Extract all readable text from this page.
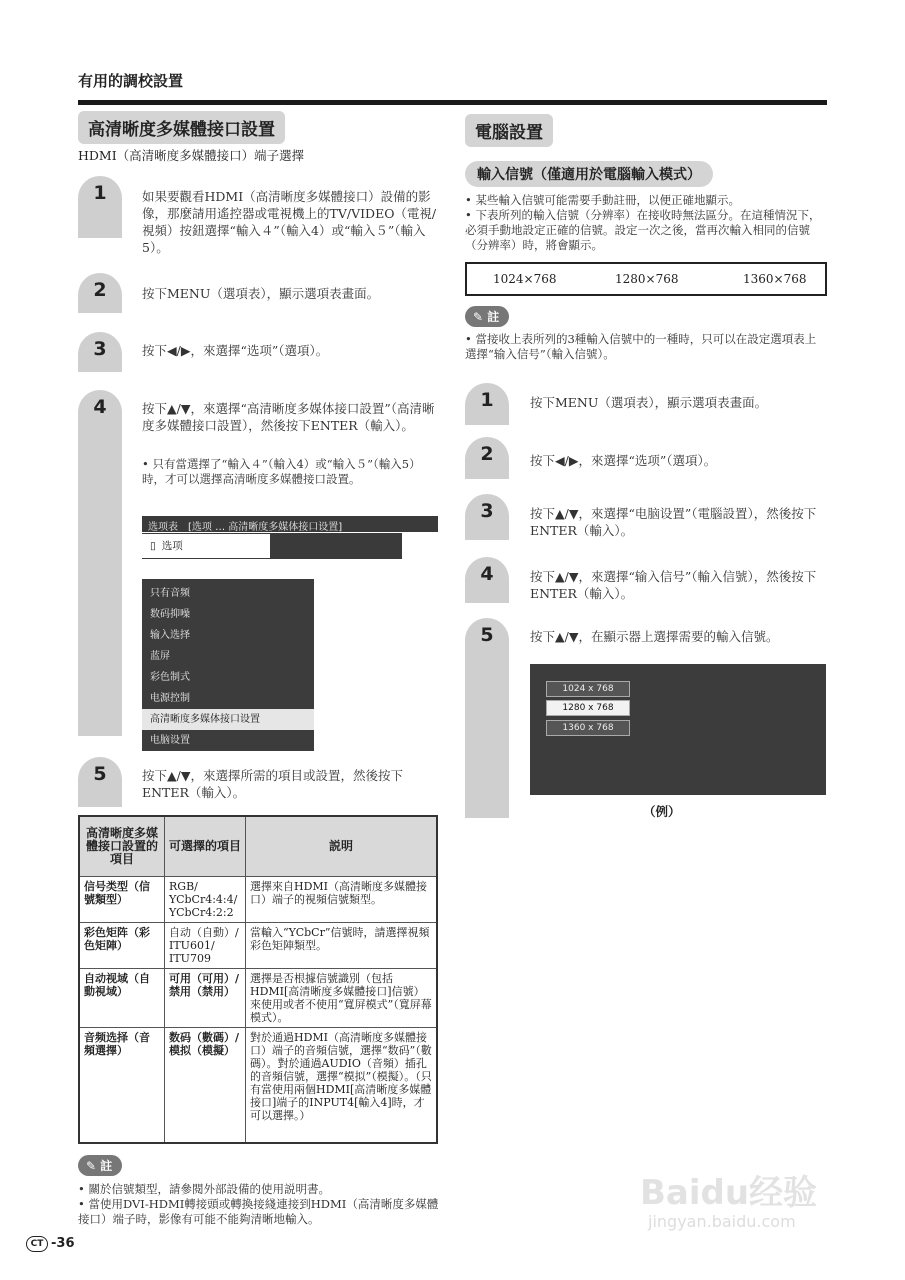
有用的調校設置
高清晰度多媒體接口設置
HDMI（高清晰度多媒體接口）端子選擇
1	如果要觀看HDMI（高清晰度多媒體接口）設備的影像，那麼請用遙控器或電視機上的TV/VIDEO（電視/視頻）按鈕選擇“輸入４”（輸入4）或“輸入５”（輸入5）。
2	按下MENU（選項表），顯示選項表畫面。
3	按下◀/▶，來選擇“选项”（選項）。
4	按下▲/▼，來選擇“高清晰度多媒体接口設置”（高清晰度多媒體接口設置），然後按下ENTER（輸入）。
• 只有當選擇了“輸入４”（輸入4）或“輸入５”（輸入5）時，才可以選擇高清晰度多媒體接口設置。
选项表　[选项 … 高清晰度多媒体接口设置]
▯ 选项
只有音频
数码抑噪
输入选择
蓝屏
彩色制式
电源控制
高清晰度多媒体接口设置
电脑设置
5	按下▲/▼，來選擇所需的項目或設置，然後按下ENTER（輸入）。
高清晰度多媒體接口設置的項目	可選擇的項目	説明
信号类型（信號類型）	RGB/ YCbCr4:4:4/ YCbCr4:2:2	選擇來自HDMI（高清晰度多媒體接口）端子的視頻信號類型。
彩色矩阵（彩色矩陣）	自动（自動）/ ITU601/ ITU709	當輸入“YCbCr”信號時，請選擇視頻彩色矩陣類型。
自动视域（自動視域）	可用（可用）/ 禁用（禁用）	選擇是否根據信號識別（包括HDMI[高清晰度多媒體接口]信號）來使用或者不使用“寬屏模式”（寬屏幕模式）。
音频选择（音頻選擇）	数码（數碼）/ 模拟（模擬）	對於通過HDMI（高清晰度多媒體接口）端子的音頻信號，選擇“数码”（數碼）。對於通過AUDIO（音頻）插孔的音頻信號，選擇“模拟”（模擬）。（只有當使用兩個HDMI[高清晰度多媒體接口]端子的INPUT4[輸入4]時，才可以選擇。）
✎ 註
• 關於信號類型，請參閱外部設備的使用説明書。
• 當使用DVI-HDMI轉接頭或轉換接綫連接到HDMI（高清晰度多媒體接口）端子時，影像有可能不能夠清晰地輸入。
電腦設置
輸入信號（僅適用於電腦輸入模式）
• 某些輸入信號可能需要手動註冊，以便正確地顯示。
• 下表所列的輸入信號（分辨率）在接收時無法區分。在這種情況下，必須手動地設定正確的信號。設定一次之後，當再次輸入相同的信號（分辨率）時，將會顯示。
1024×768	1280×768	1360×768
✎ 註
• 當接收上表所列的3種輸入信號中的一種時，只可以在設定選項表上選擇“输入信号”（輸入信號）。
1	按下MENU（選項表），顯示選項表畫面。
2	按下◀/▶，來選擇“选项”（選項）。
3	按下▲/▼，來選擇“电脑设置”（電腦設置），然後按下 ENTER（輸入）。
4	按下▲/▼，來選擇“输入信号”（輸入信號），然後按下ENTER（輸入）。
5	按下▲/▼，在顯示器上選擇需要的輸入信號。
1024 x 768
1280 x 768
1360 x 768
（例）
Baidu经验
jingyan.baidu.com
CT -36
